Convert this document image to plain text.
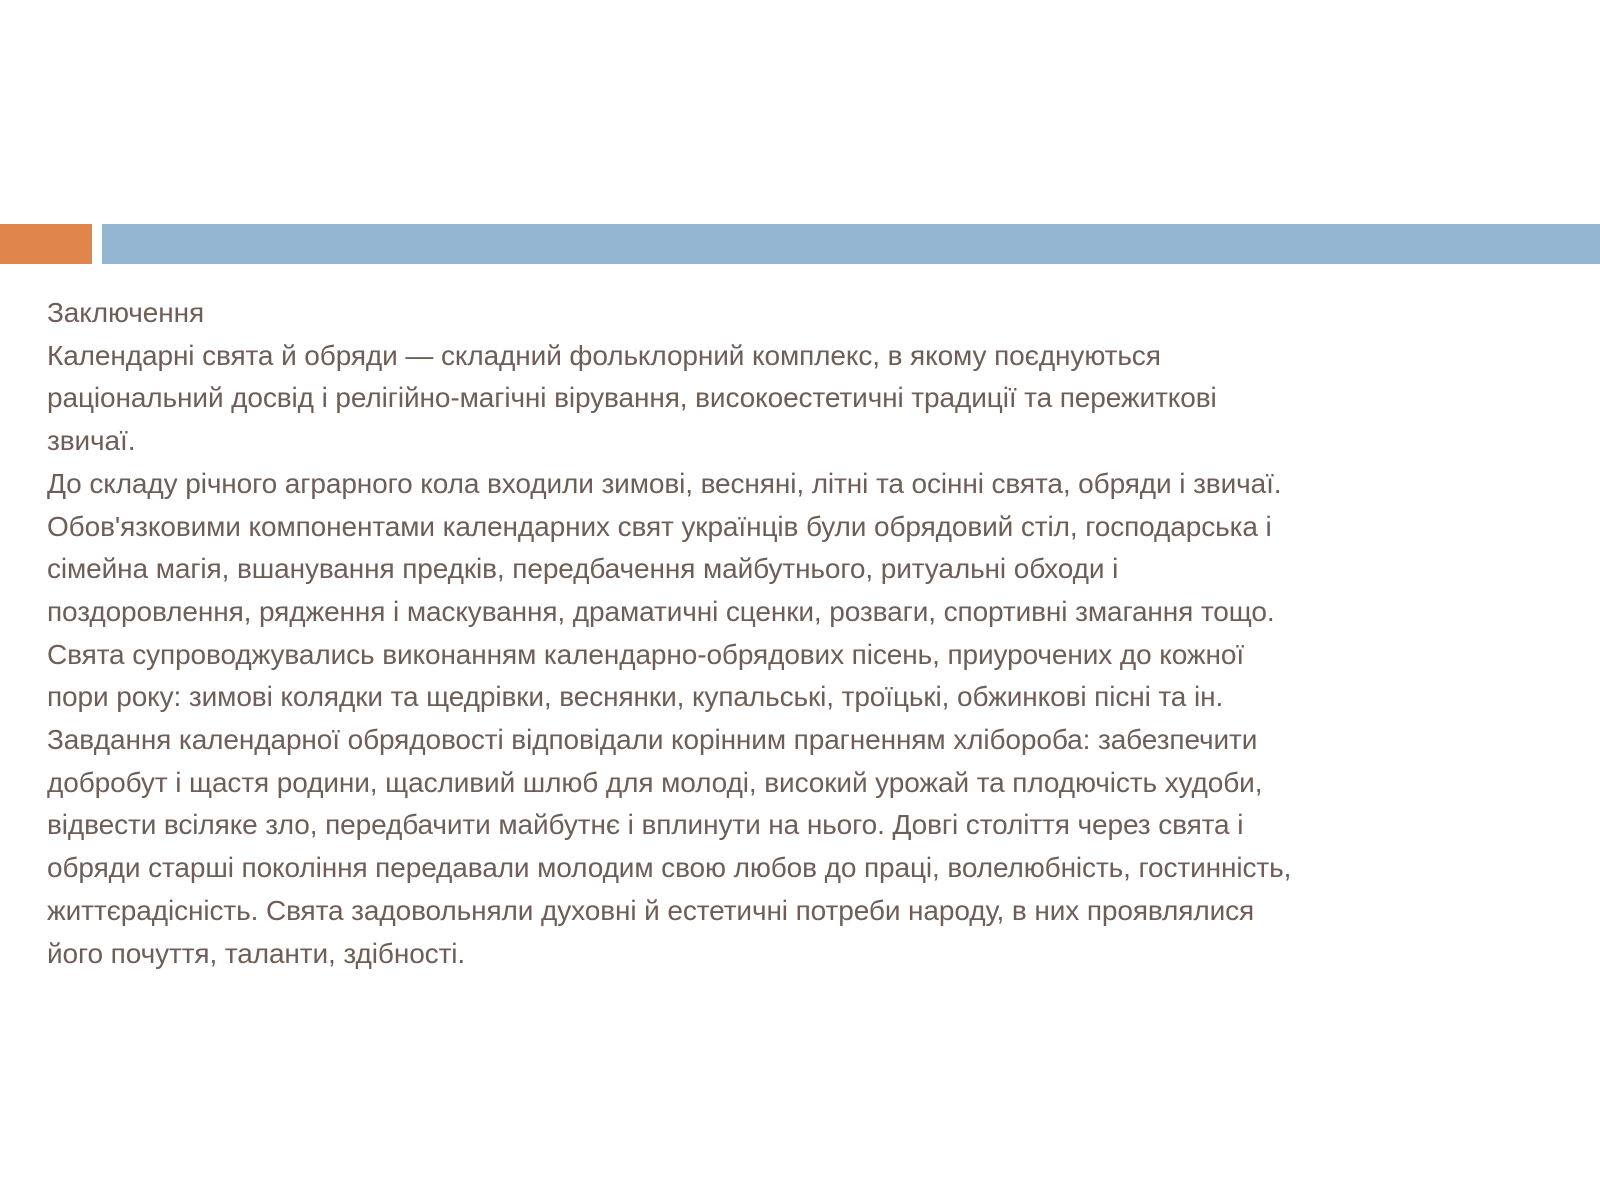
Заключення
Календарні свята й обряди — складний фольклорний комплекс, в якому поєднуються
раціональний досвід і релігійно-магічні вірування, високоестетичні традиції та пережиткові
звичаї.
До складу річного аграрного кола входили зимові, весняні, літні та осінні свята, обряди і звичаї.
Обов'язковими компонентами календарних свят українців були обрядовий стіл, господарська і
сімейна магія, вшанування предків, передбачення майбутнього, ритуальні обходи і
поздоровлення, рядження і маскування, драматичні сценки, розваги, спортивні змагання тощо.
Свята супроводжувались виконанням календарно-обрядових пісень, приурочених до кожної
пори року: зимові колядки та щедрівки, веснянки, купальські, троїцькі, обжинкові пісні та ін.
Завдання календарної обрядовості відповідали корінним прагненням хлібороба: забезпечити
добробут і щастя родини, щасливий шлюб для молоді, високий урожай та плодючість худоби,
відвести всіляке зло, передбачити майбутнє і вплинути на нього. Довгі століття через свята і
обряди старші покоління передавали молодим свою любов до праці, волелюбність, гостинність,
життєрадісність. Свята задовольняли духовні й естетичні потреби народу, в них проявлялися
його почуття, таланти, здібності.
